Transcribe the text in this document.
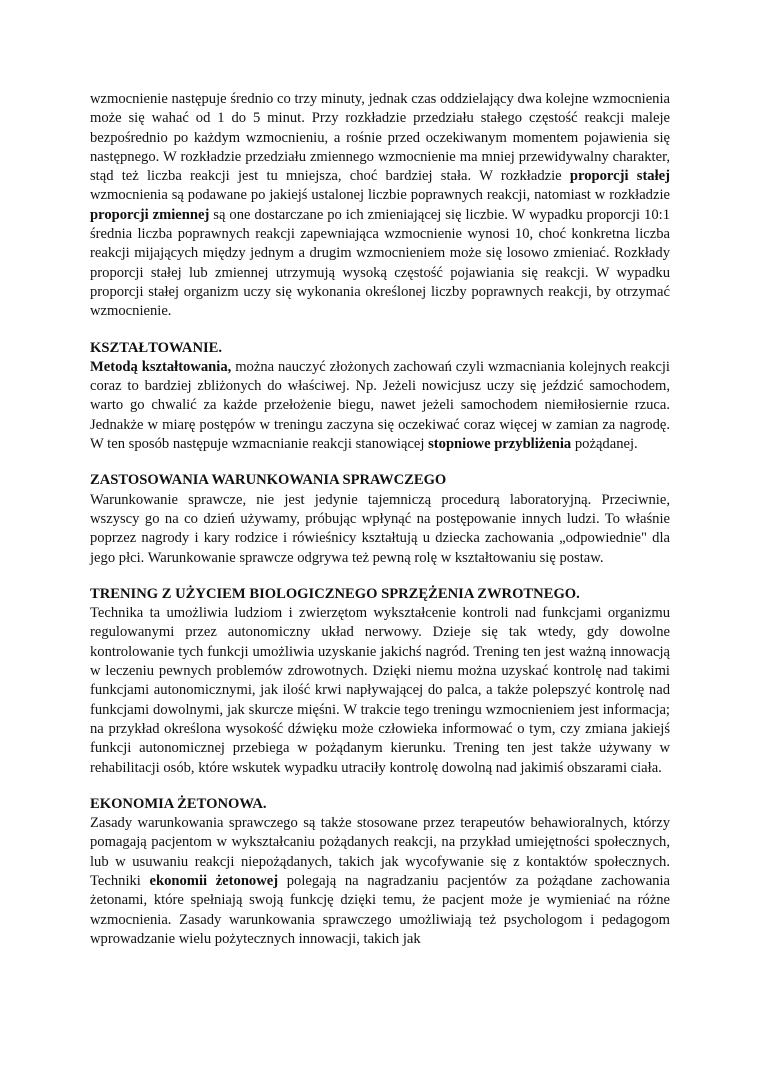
wzmocnienie następuje średnio co trzy minuty, jednak czas oddzielający dwa kolejne wzmocnienia może się wahać od 1 do 5 minut. Przy rozkładzie przedziału stałego częstość reakcji maleje bezpośrednio po każdym wzmocnieniu, a rośnie przed oczekiwanym momentem pojawienia się następnego. W rozkładzie przedziału zmiennego wzmocnienie ma mniej przewidywalny charakter, stąd też liczba reakcji jest tu mniejsza, choć bardziej stała. W rozkładzie proporcji stałej wzmocnienia są podawane po jakiejś ustalonej liczbie poprawnych reakcji, natomiast w rozkładzie proporcji zmiennej są one dostarczane po ich zmieniającej się liczbie. W wypadku proporcji 10:1 średnia liczba poprawnych reakcji zapewniająca wzmocnienie wynosi 10, choć konkretna liczba reakcji mijających między jednym a drugim wzmocnieniem może się losowo zmieniać. Rozkłady proporcji stałej lub zmiennej utrzymują wysoką częstość pojawiania się reakcji. W wypadku proporcji stałej organizm uczy się wykonania określonej liczby poprawnych reakcji, by otrzymać wzmocnienie.

KSZTAŁTOWANIE.

Metodą kształtowania, można nauczyć złożonych zachowań czyli wzmacniania kolejnych reakcji coraz to bardziej zbliżonych do właściwej. Np. Jeżeli nowicjusz uczy się jeździć samochodem, warto go chwalić za każde przełożenie biegu, nawet jeżeli samochodem niemiłosiernie rzuca. Jednakże w miarę postępów w treningu zaczyna się oczekiwać coraz więcej w zamian za nagrodę. W ten sposób następuje wzmacnianie reakcji stanowiącej stopniowe przybliżenia pożądanej.

ZASTOSOWANIA WARUNKOWANIA SPRAWCZEGO

Warunkowanie sprawcze, nie jest jedynie tajemniczą procedurą laboratoryjną. Przeciwnie, wszyscy go na co dzień używamy, próbując wpłynąć na postępowanie innych ludzi. To właśnie poprzez nagrody i kary rodzice i rówieśnicy kształtują u dziecka zachowania „odpowiednie" dla jego płci. Warunkowanie sprawcze odgrywa też pewną rolę w kształtowaniu się postaw.

TRENING Z UŻYCIEM BIOLOGICZNEGO SPRZĘŻENIA ZWROTNEGO.

Technika ta umożliwia ludziom i zwierzętom wykształcenie kontroli nad funkcjami organizmu regulowanymi przez autonomiczny układ nerwowy. Dzieje się tak wtedy, gdy dowolne kontrolowanie tych funkcji umożliwia uzyskanie jakichś nagród. Trening ten jest ważną innowacją w leczeniu pewnych problemów zdrowotnych. Dzięki niemu można uzyskać kontrolę nad takimi funkcjami autonomicznymi, jak ilość krwi napływającej do palca, a także polepszyć kontrolę nad funkcjami dowolnymi, jak skurcze mięśni. W trakcie tego treningu wzmocnieniem jest informacja; na przykład określona wysokość dźwięku może człowieka informować o tym, czy zmiana jakiejś funkcji autonomicznej przebiega w pożądanym kierunku. Trening ten jest także używany w rehabilitacji osób, które wskutek wypadku utraciły kontrolę dowolną nad jakimiś obszarami ciała.

EKONOMIA ŻETONOWA.

Zasady warunkowania sprawczego są także stosowane przez terapeutów behawioralnych, którzy pomagają pacjentom w wykształcaniu pożądanych reakcji, na przykład umiejętności społecznych, lub w usuwaniu reakcji niepożądanych, takich jak wycofywanie się z kontaktów społecznych. Techniki ekonomii żetonowej polegają na nagradzaniu pacjentów za pożądane zachowania żetonami, które spełniają swoją funkcję dzięki temu, że pacjent może je wymieniać na różne wzmocnienia. Zasady warunkowania sprawczego umożliwiają też psychologom i pedagogom wprowadzanie wielu pożytecznych innowacji, takich jak
